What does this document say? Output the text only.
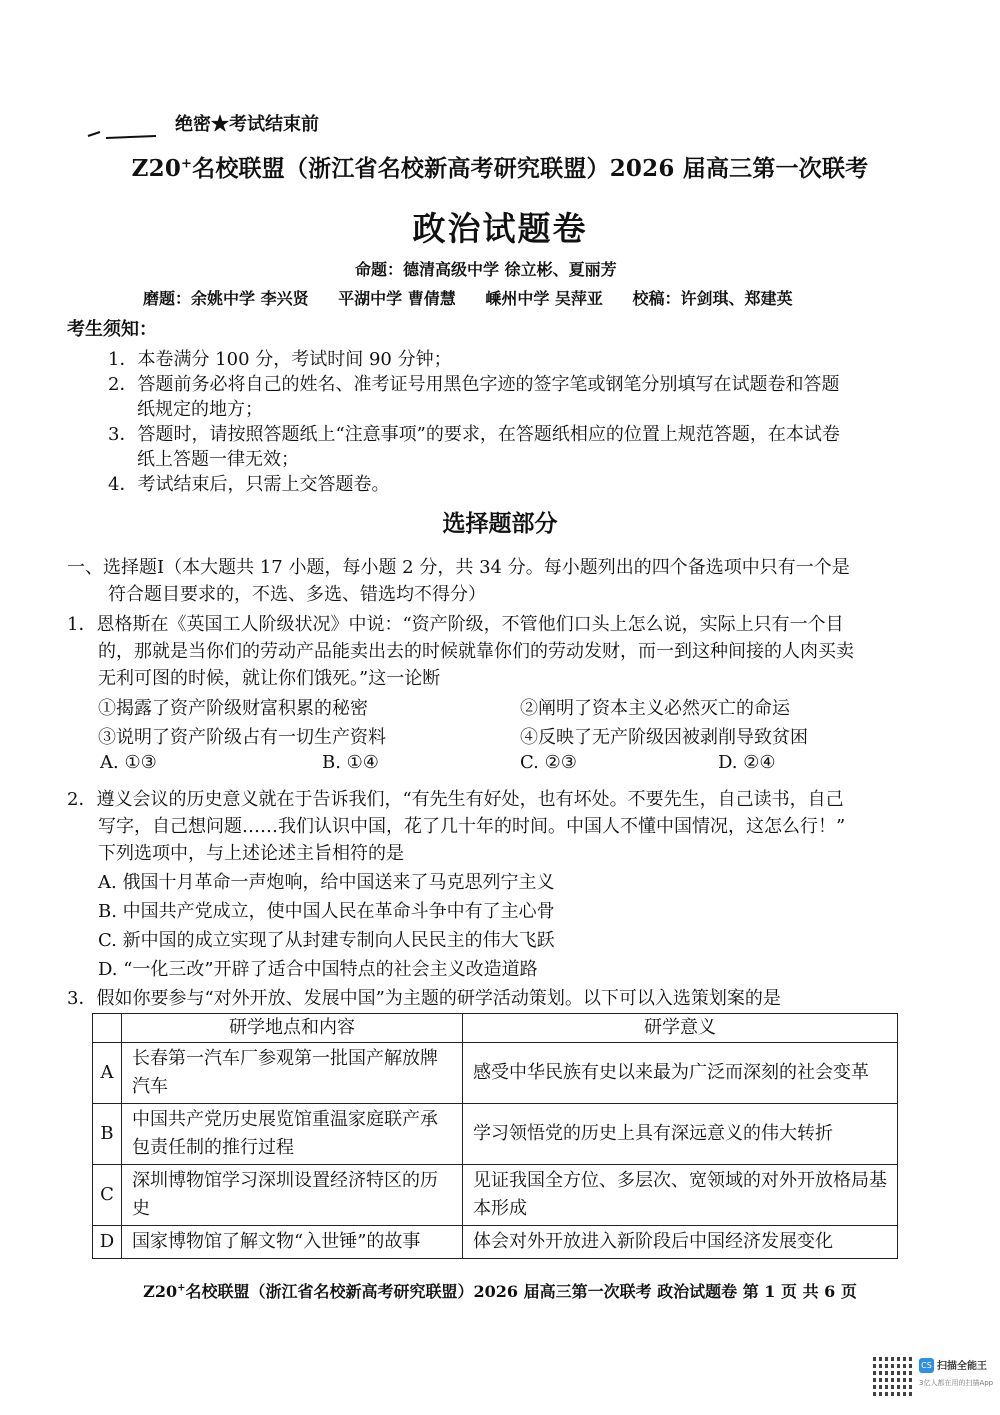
绝密★考试结束前
Z20+名校联盟（浙江省名校新高考研究联盟）2026 届高三第一次联考
政治试题卷
命题：德清高级中学 徐立彬、夏丽芳
磨题：余姚中学 李兴贤 平湖中学 曹倩慧 嵊州中学 吴萍亚 校稿：许剑琪、郑建英
考生须知：
1．本卷满分 100 分，考试时间 90 分钟；
2．答题前务必将自己的姓名、准考证号用黑色字迹的签字笔或钢笔分别填写在试题卷和答题
纸规定的地方；
3．答题时，请按照答题纸上“注意事项”的要求，在答题纸相应的位置上规范答题，在本试卷
纸上答题一律无效；
4．考试结束后，只需上交答题卷。
选择题部分
一、选择题Ⅰ（本大题共 17 小题，每小题 2 分，共 34 分。每小题列出的四个备选项中只有一个是
符合题目要求的，不选、多选、错选均不得分）
1．恩格斯在《英国工人阶级状况》中说：“资产阶级，不管他们口头上怎么说，实际上只有一个目
的，那就是当你们的劳动产品能卖出去的时候就靠你们的劳动发财，而一到这种间接的人肉买卖
无利可图的时候，就让你们饿死。”这一论断
①揭露了资产阶级财富积累的秘密	②阐明了资本主义必然灭亡的命运
③说明了资产阶级占有一切生产资料	④反映了无产阶级因被剥削导致贫困
A. ①③	B. ①④	C. ②③	D. ②④
2．遵义会议的历史意义就在于告诉我们，“有先生有好处，也有坏处。不要先生，自己读书，自己
写字，自己想问题……我们认识中国，花了几十年的时间。中国人不懂中国情况，这怎么行！”
下列选项中，与上述论述主旨相符的是
A. 俄国十月革命一声炮响，给中国送来了马克思列宁主义
B. 中国共产党成立，使中国人民在革命斗争中有了主心骨
C. 新中国的成立实现了从封建专制向人民民主的伟大飞跃
D. “一化三改”开辟了适合中国特点的社会主义改造道路
3．假如你要参与“对外开放、发展中国”为主题的研学活动策划。以下可以入选策划案的是
	研学地点和内容	研学意义
A	长春第一汽车厂参观第一批国产解放牌汽车	感受中华民族有史以来最为广泛而深刻的社会变革
B	中国共产党历史展览馆重温家庭联产承包责任制的推行过程	学习领悟党的历史上具有深远意义的伟大转折
C	深圳博物馆学习深圳设置经济特区的历史	见证我国全方位、多层次、宽领域的对外开放格局基本形成
D	国家博物馆了解文物“入世锤”的故事	体会对外开放进入新阶段后中国经济发展变化
Z20+名校联盟（浙江省名校新高考研究联盟）2026 届高三第一次联考 政治试题卷 第 1 页 共 6 页
CS 扫描全能王
3亿人都在用的扫描App
